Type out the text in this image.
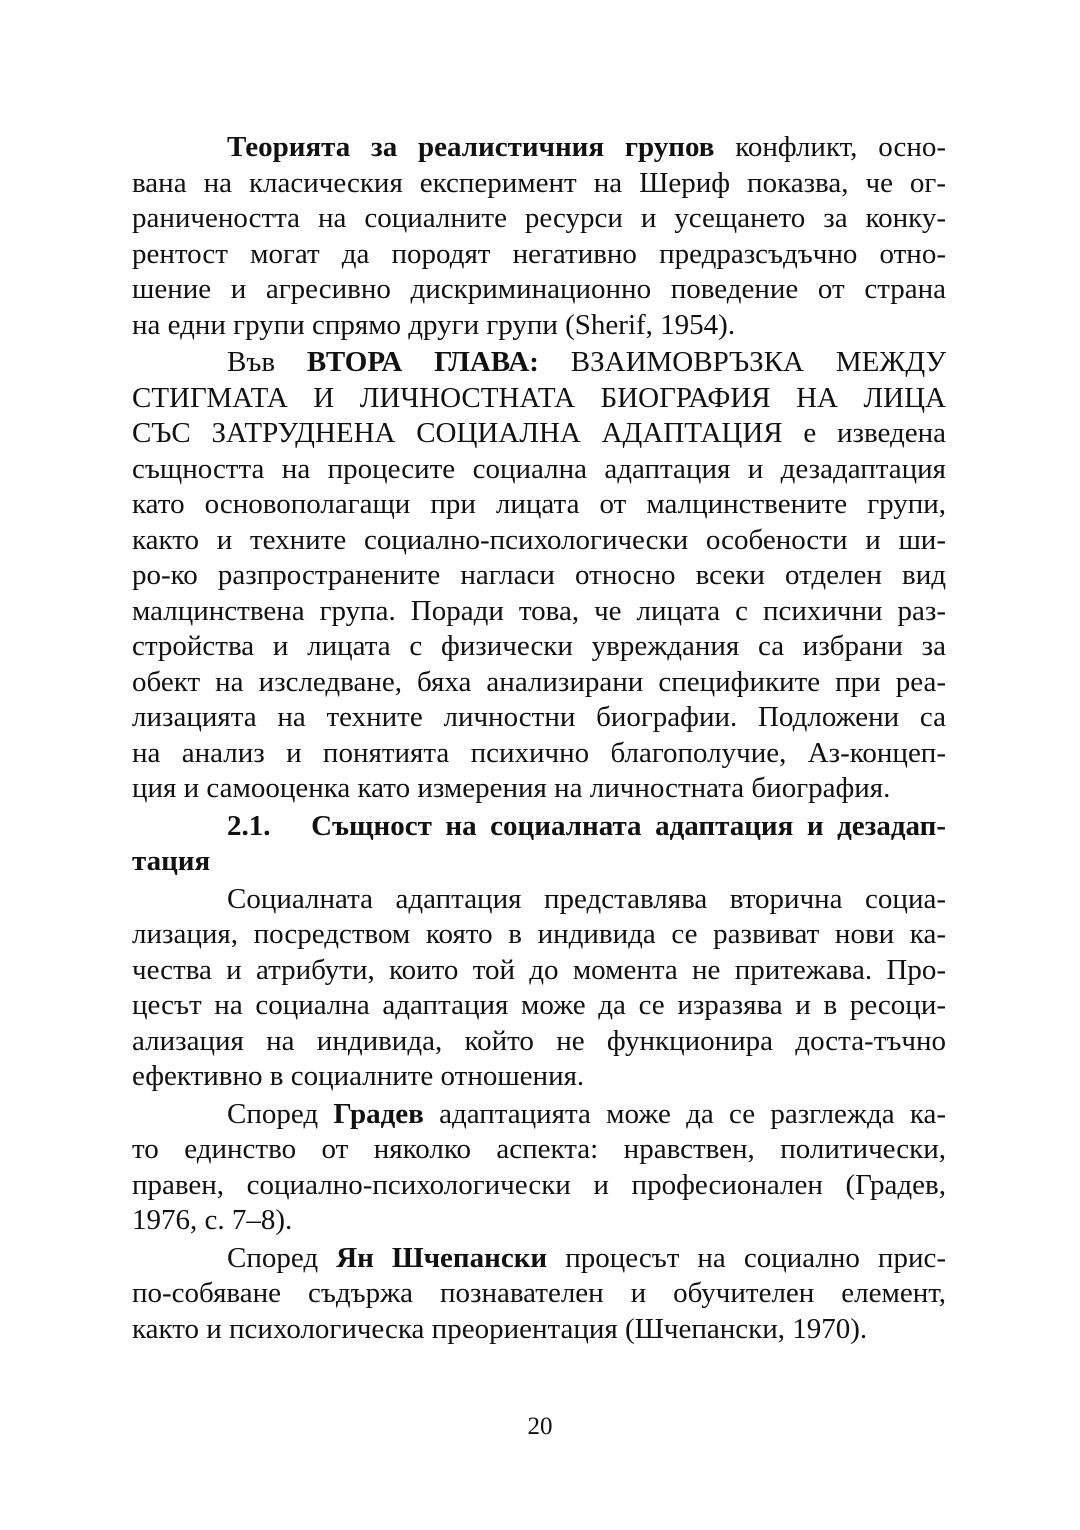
Теорията за реалистичния групов конфликт, осно-
вана на класическия експеримент на Шериф показва, че ог-
раничеността на социалните ресурси и усещането за конку-
рентост могат да породят негативно предразсъдъчно отно-
шение и агресивно дискриминационно поведение от страна
на едни групи спрямо други групи (Sherif, 1954).
Във ВТОРА ГЛАВА: ВЗАИМОВРЪЗКА МЕЖДУ
СТИГМАТА И ЛИЧНОСТНАТА БИОГРАФИЯ НА ЛИЦА
СЪС ЗАТРУДНЕНА СОЦИАЛНА АДАПТАЦИЯ е изведена
същността на процесите социална адаптация и дезадаптация
като основополагащи при лицата от малцинствените групи,
както и техните социално-психологически особености и ши-
ро-ко разпространените нагласи относно всеки отделен вид
малцинствена група. Поради това, че лицата с психични раз-
стройства и лицата с физически увреждания са избрани за
обект на изследване, бяха анализирани спецификите при реа-
лизацията на техните личностни биографии. Подложени са
на анализ и понятията психично благополучие, Аз-концеп-
ция и самооценка като измерения на личностната биография.
2.1.   Същност на социалната адаптация и дезадап-
тация
Социалната адаптация представлява вторична социа-
лизация, посредством която в индивида се развиват нови ка-
чества и атрибути, които той до момента не притежава. Про-
цесът на социална адаптация може да се изразява и в ресоци-
ализация на индивида, който не функционира доста-тъчно
ефективно в социалните отношения.
Според Градев адаптацията може да се разглежда ка-
то единство от няколко аспекта: нравствен, политически,
правен, социално-психологически и професионален (Градев,
1976, с. 7–8).
Според Ян Шчепански процесът на социално прис-
по-собяване съдържа познавателен и обучителен елемент,
както и психологическа преориентация (Шчепански, 1970).
20
